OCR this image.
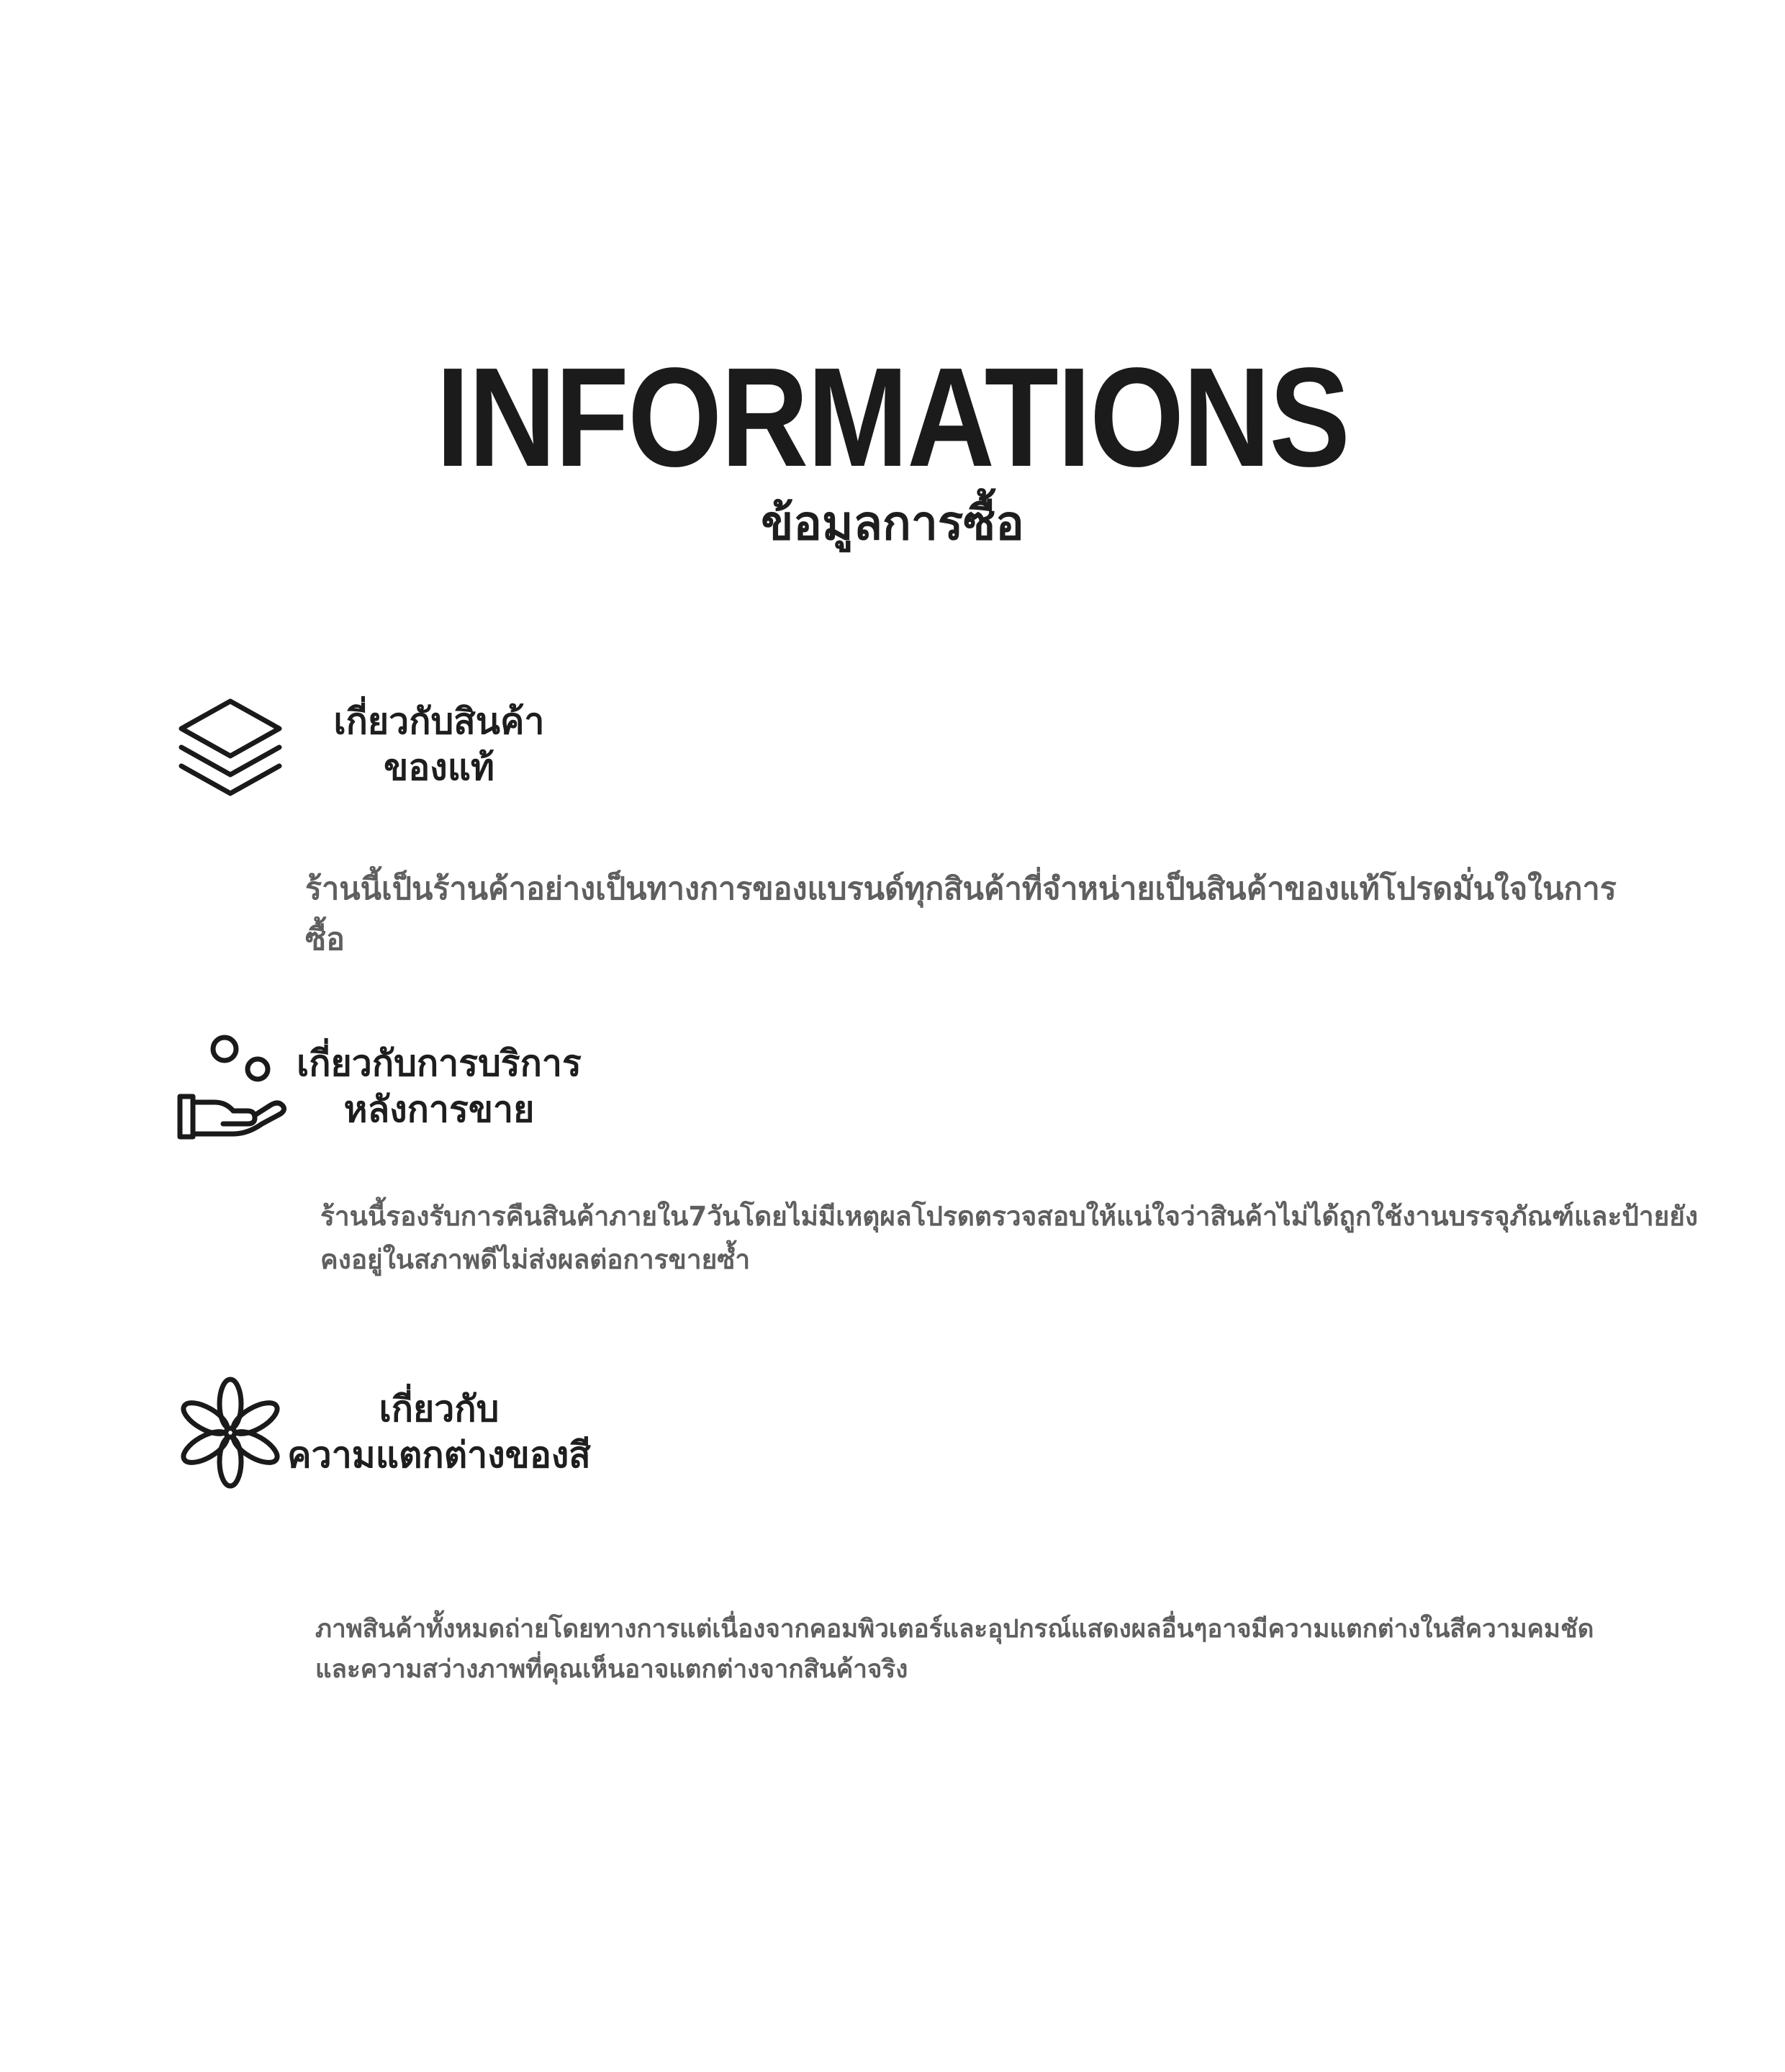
INFORMATIONS
ข้อมูลการซื้อ
เกี่ยวกับสินค้า
ของแท้
ร้านนี้เป็นร้านค้าอย่างเป็นทางการของแบรนด์ทุกสินค้าที่จำหน่ายเป็นสินค้าของแท้โปรดมั่นใจในการซื้อ
เกี่ยวกับการบริการ
หลังการขาย
ร้านนี้รองรับการคืนสินค้าภายใน7วันโดยไม่มีเหตุผลโปรดตรวจสอบให้แน่ใจว่าสินค้าไม่ได้ถูกใช้งานบรรจุภัณฑ์และป้ายยังคงอยู่ในสภาพดีไม่ส่งผลต่อการขายซ้ำ
เกี่ยวกับ
ความแตกต่างของสี
ภาพสินค้าทั้งหมดถ่ายโดยทางการแต่เนื่องจากคอมพิวเตอร์และอุปกรณ์แสดงผลอื่นๆอาจมีความแตกต่างในสีความคมชัดและความสว่างภาพที่คุณเห็นอาจแตกต่างจากสินค้าจริง
